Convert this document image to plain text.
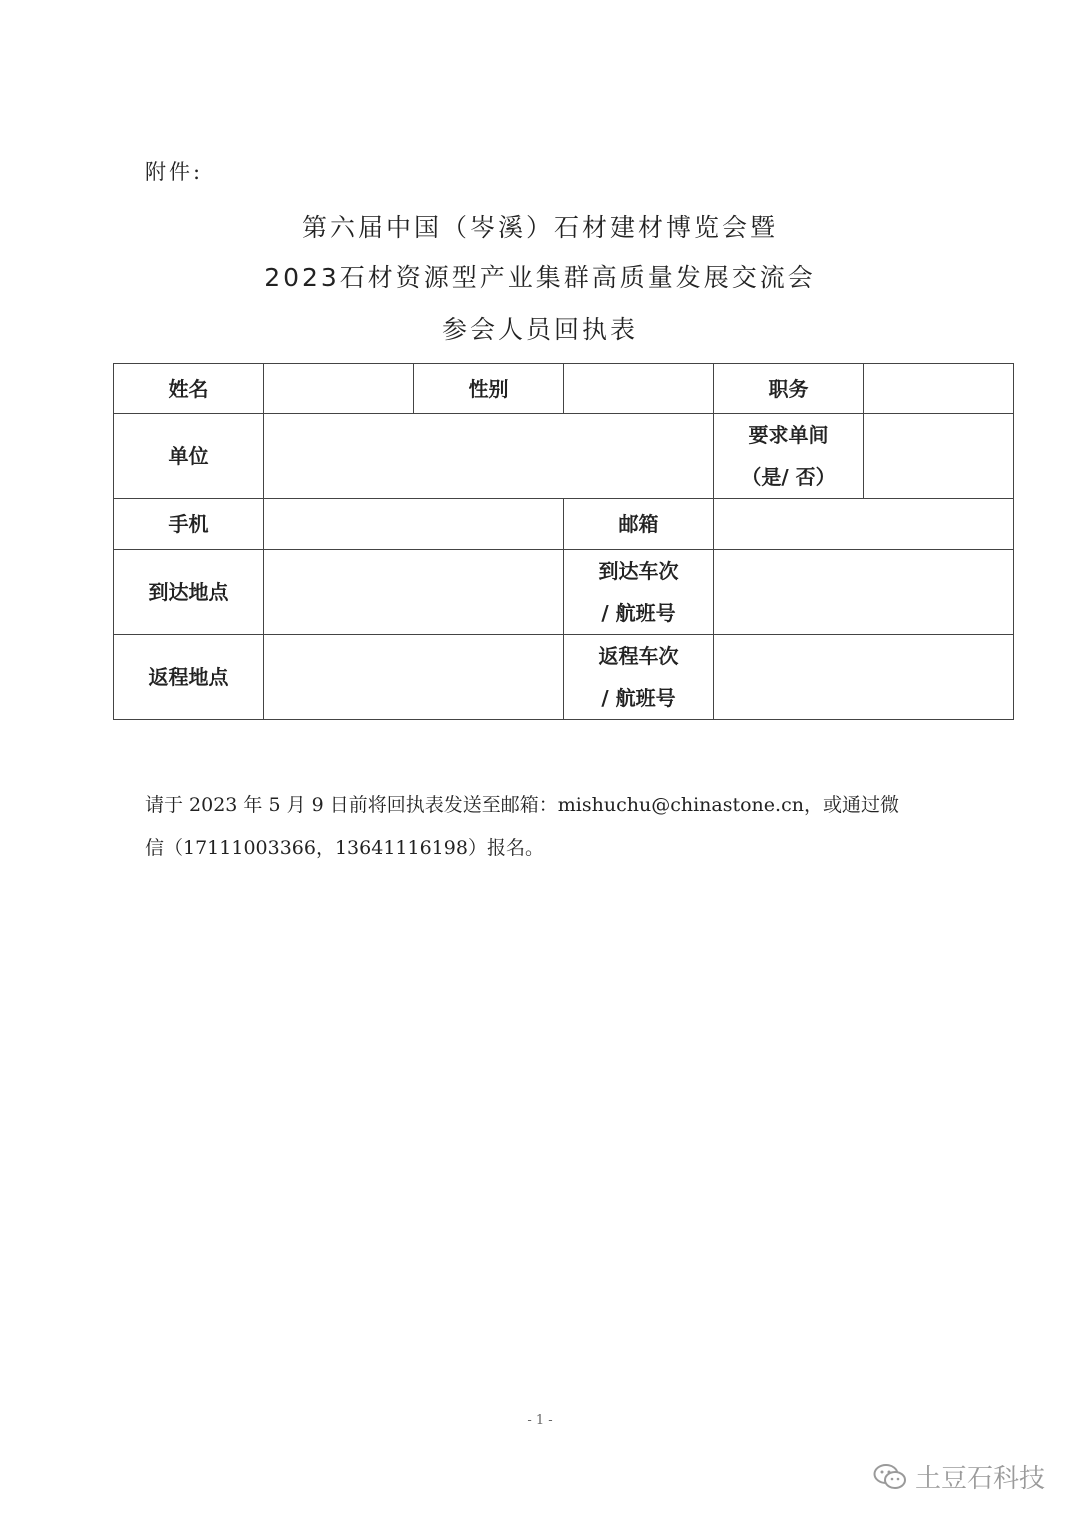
附件:
第六届中国（岑溪）石材建材博览会暨
2023石材资源型产业集群高质量发展交流会
参会人员回执表
姓名		性别		职务	
单位				要求单间
（是/ 否）	

手机			邮箱		
到达地点			到达车次
/ 航班号		

返程地点			返程车次
/ 航班号		

请于 2023 年 5 月 9 日前将回执表发送至邮箱：mishuchu@chinastone.cn，或通过微
信（17111003366，13641116198）报名。
- 1 -
土豆石科技
